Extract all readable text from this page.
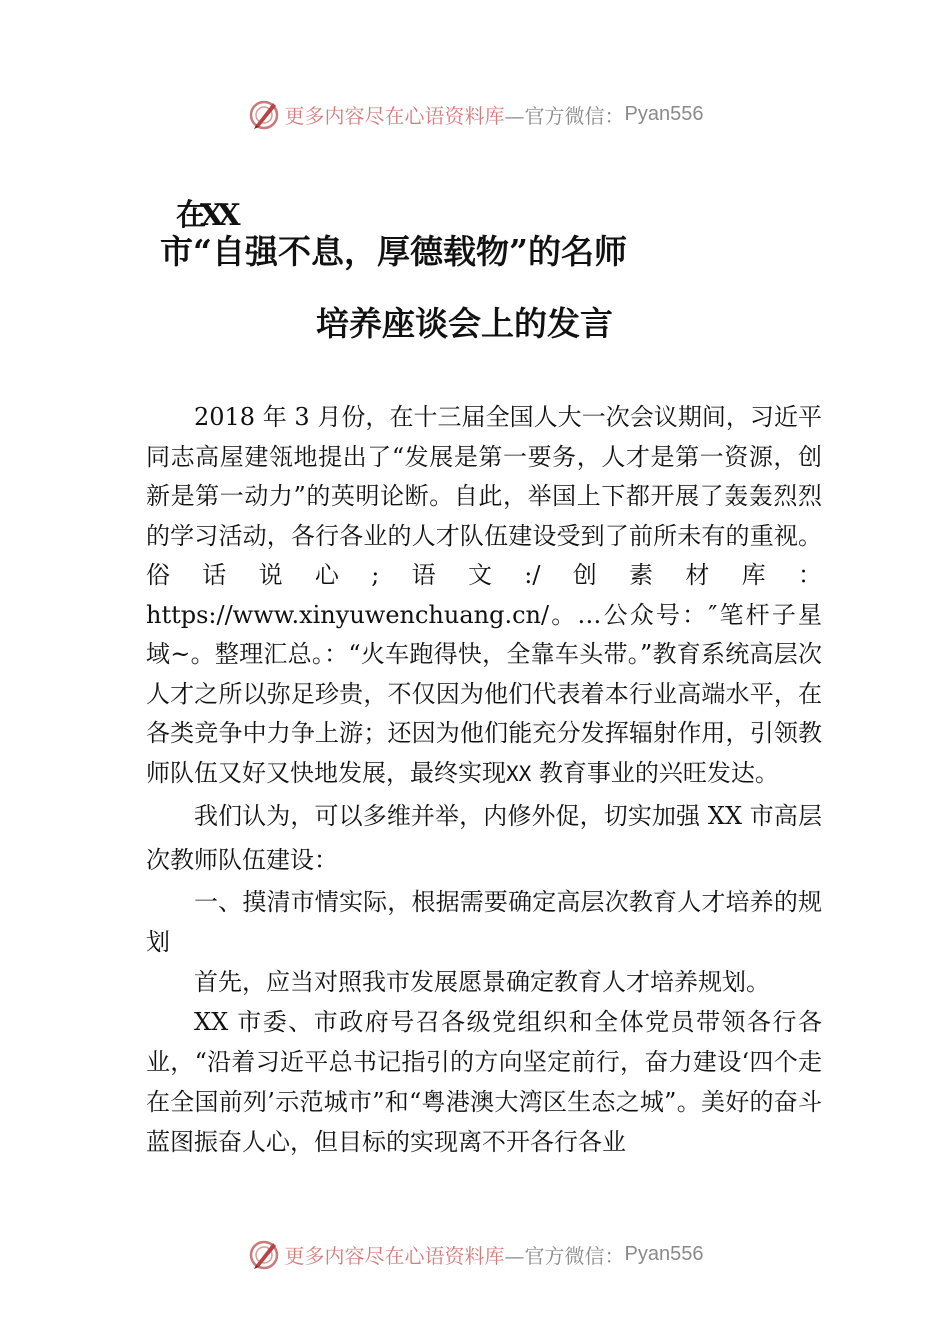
更多内容尽在心语资料库 —官方微信： Pyan556
在XX
市“自强不息，厚德载物”的名师
培养座谈会上的发言

2018 年 3 月份，在十三届全国人大一次会议期间，习近平同志高屋建瓴地提出了“发展是第一要务，人才是第一资源，创新是第一动力”的英明论断。自此，举国上下都开展了轰轰烈烈的学习活动，各行各业的人才队伍建设受到了前所未有的重视。俗话说心;语文:/创素材库：https://www.xinyuwenchuang.cn/。…公众号：″笔杆子星域~。整理汇总。：“火车跑得快，全靠车头带。”教育系统高层次人才之所以弥足珍贵，不仅因为他们代表着本行业高端水平，在各类竞争中力争上游；还因为他们能充分发挥辐射作用，引领教师队伍又好又快地发展，最终实现XX 教育事业的兴旺发达。

我们认为，可以多维并举，内修外促，切实加强 XX 市高层次教师队伍建设：

一、摸清市情实际，根据需要确定高层次教育人才培养的规划

首先，应当对照我市发展愿景确定教育人才培养规划。

XX 市委、市政府号召各级党组织和全体党员带领各行各业，“沿着习近平总书记指引的方向坚定前行，奋力建设‘四个走在全国前列’示范城市”和“粤港澳大湾区生态之城”。美好的奋斗蓝图振奋人心，但目标的实现离不开各行各业

更多内容尽在心语资料库 —官方微信： Pyan556
